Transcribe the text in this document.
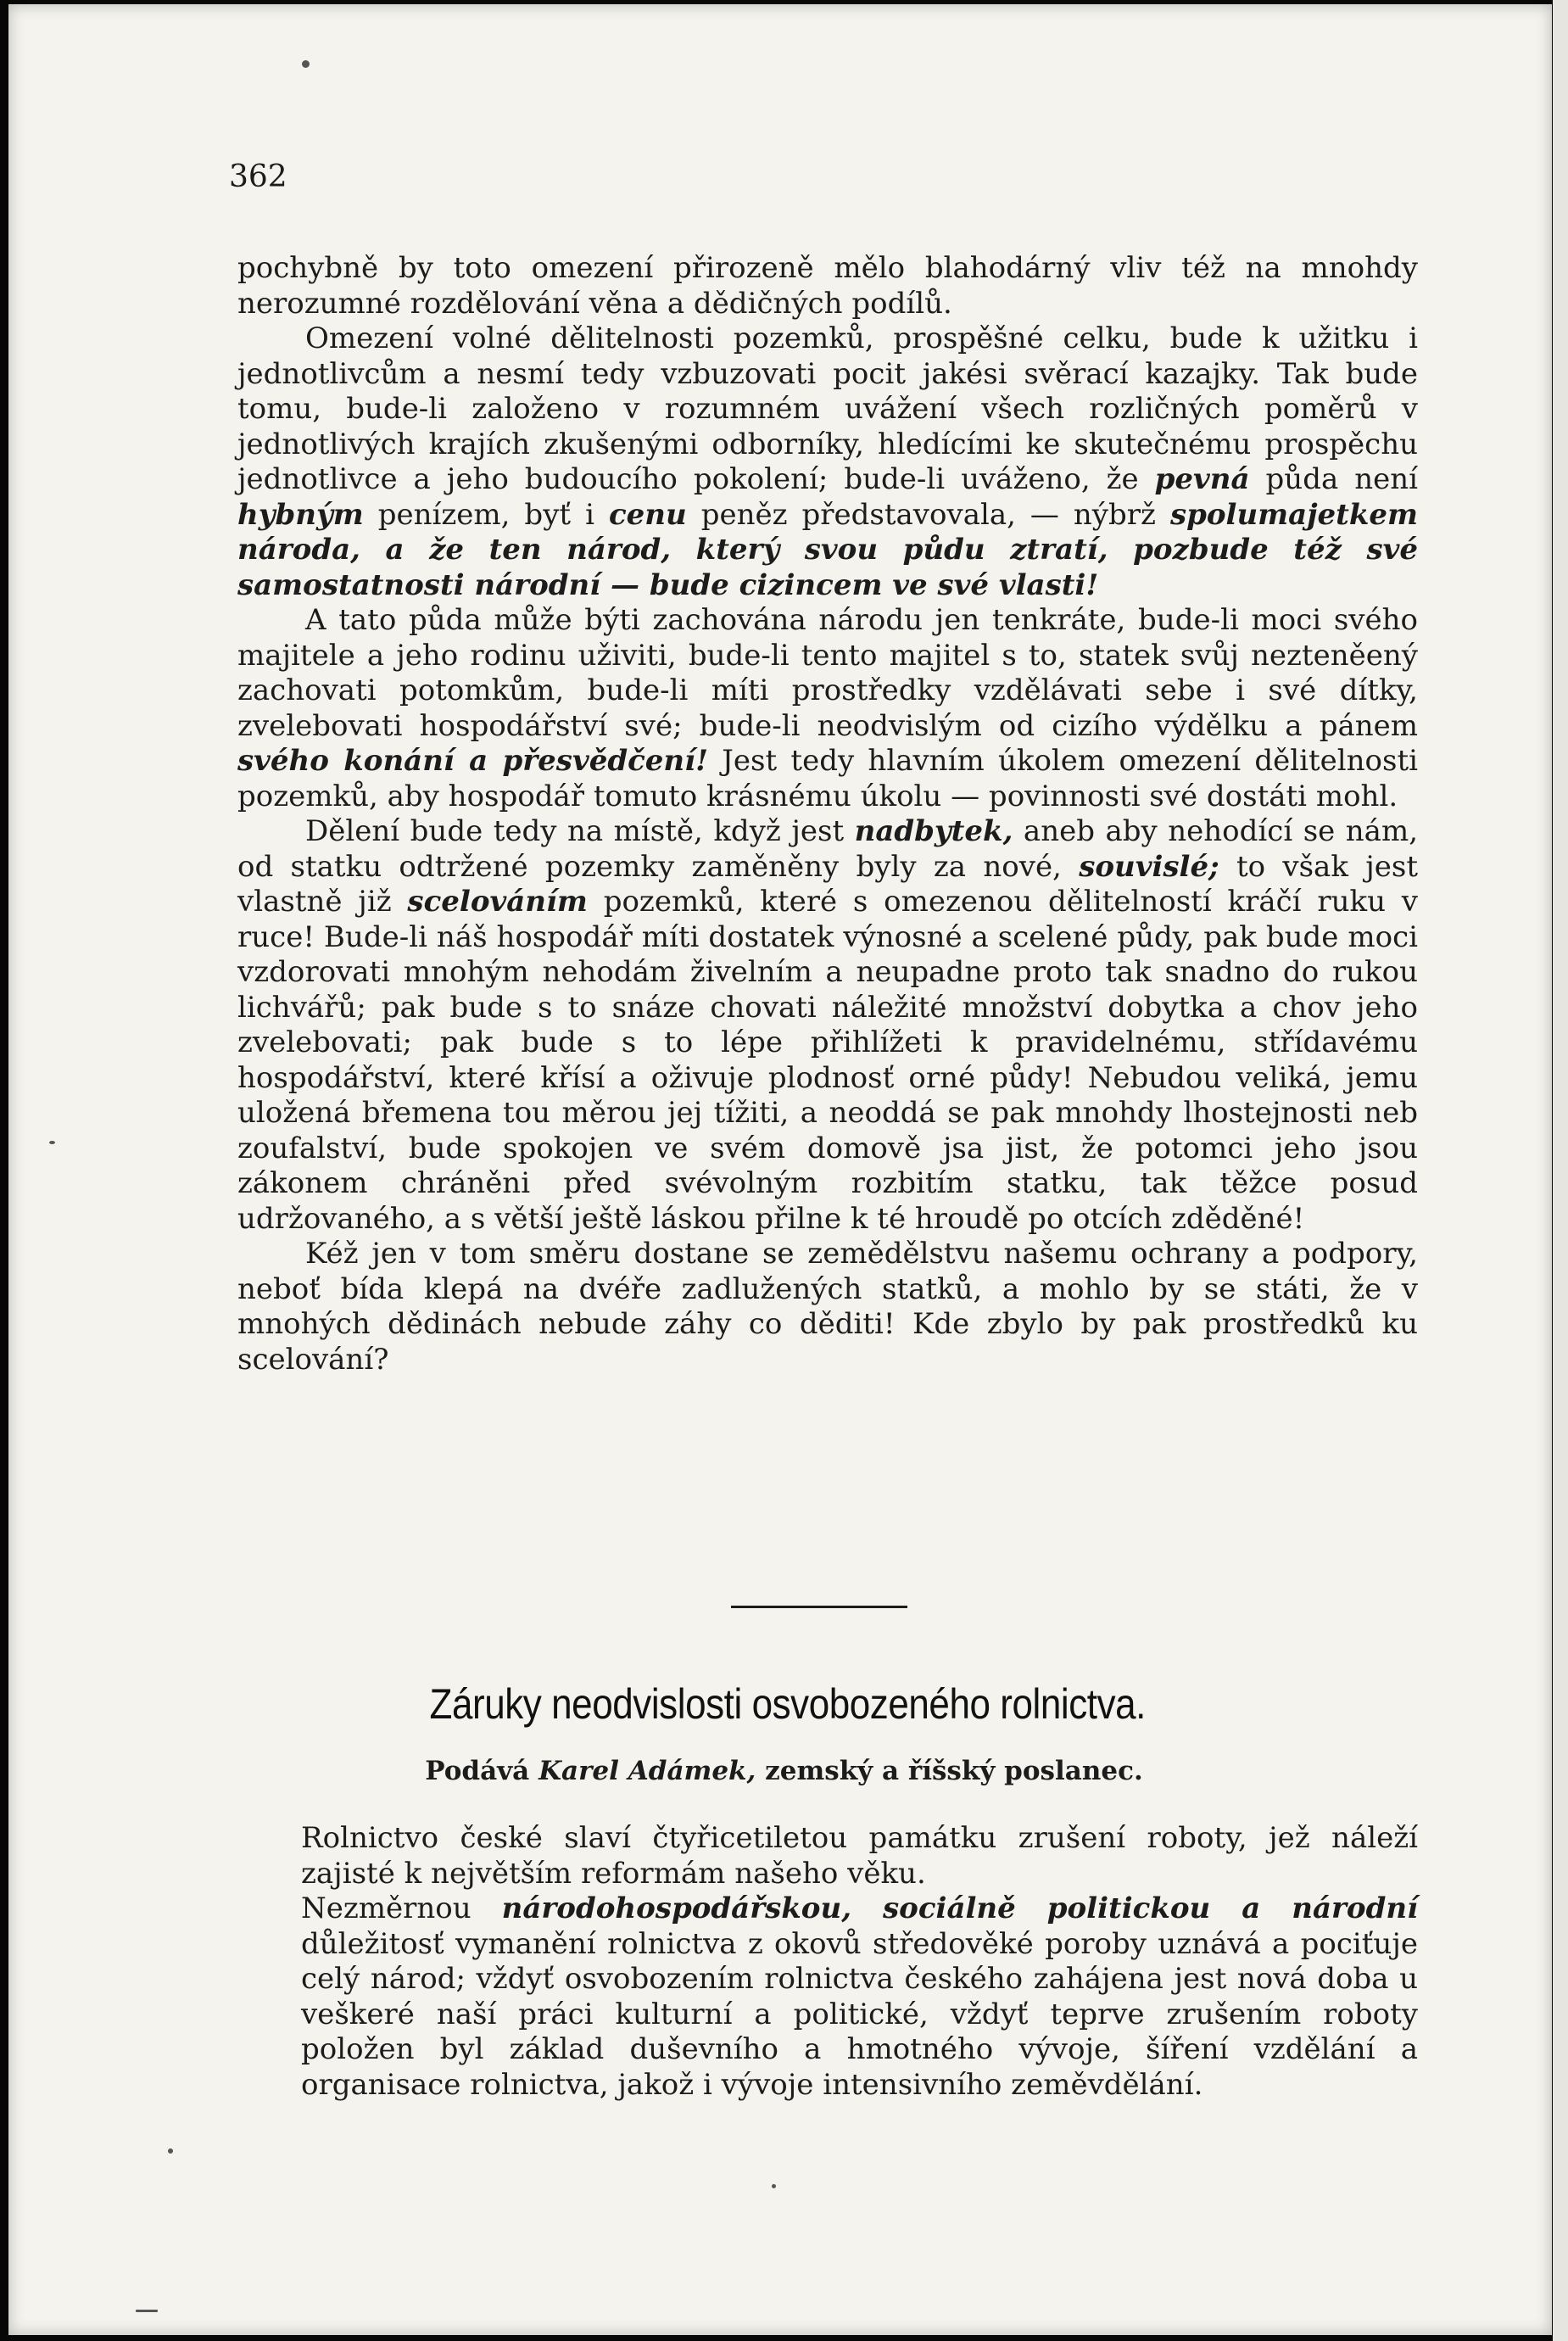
362

pochybně by toto omezení přirozeně mělo blahodárný vliv též na mnohdy nerozumné rozdělování věna a dědičných podílů.

Omezení volné dělitelnosti pozemků, prospěšné celku, bude k užitku i jednotlivcům a nesmí tedy vzbuzovati pocit jakési svěrací kazajky. Tak bude tomu, bude-li založeno v rozumném uvážení všech rozličných poměrů v jednotlivých krajích zkušenými odborníky, hledícími ke skutečnému prospěchu jednotlivce a jeho budoucího pokolení; bude-li uváženo, že pevná půda není hybným penízem, byť i cenu peněz představovala, — nýbrž spolumajetkem národa, a že ten národ, který svou půdu ztratí, pozbude též své samostatnosti národní — bude cizincem ve své vlasti!

A tato půda může býti zachována národu jen tenkráte, bude-li moci svého majitele a jeho rodinu uživiti, bude-li tento majitel s to, statek svůj nezteněený zachovati potomkům, bude-li míti prostředky vzdělávati sebe i své dítky, zvelebovati hospodářství své; bude-li neodvislým od cizího výdělku a pánem svého konání a přesvědčení! Jest tedy hlavním úkolem omezení dělitelnosti pozemků, aby hospodář tomuto krásnému úkolu — povinnosti své dostáti mohl.

Dělení bude tedy na místě, když jest nadbytek, aneb aby nehodící se nám, od statku odtržené pozemky zaměněny byly za nové, souvislé; to však jest vlastně již scelováním pozemků, které s omezenou dělitelností kráčí ruku v ruce! Bude-li náš hospodář míti dostatek výnosné a scelené půdy, pak bude moci vzdorovati mnohým nehodám živelním a neupadne proto tak snadno do rukou lichvářů; pak bude s to snáze chovati náležité množství dobytka a chov jeho zvelebovati; pak bude s to lépe přihlížeti k pravidelnému, střídavému hospodářství, které křísí a oživuje plodnosť orné půdy! Nebudou veliká, jemu uložená břemena tou měrou jej tížiti, a neoddá se pak mnohdy lhostejnosti neb zoufalství, bude spokojen ve svém domově jsa jist, že potomci jeho jsou zákonem chráněni před svévolným rozbitím statku, tak těžce posud udržovaného, a s větší ještě láskou přilne k té hroudě po otcích zděděné!

Kéž jen v tom směru dostane se zemědělstvu našemu ochrany a podpory, neboť bída klepá na dvéře zadlužených statků, a mohlo by se státi, že v mnohých dědinách nebude záhy co děditi! Kde zbylo by pak prostředků ku scelování?

Záruky neodvislosti osvobozeného rolnictva.
Podává Karel Adámek, zemský a říšský poslanec.

Rolnictvo české slaví čtyřicetiletou památku zrušení roboty, jež náleží zajisté k největším reformám našeho věku.

Nezměrnou národohospodářskou, sociálně politickou a národní důležitosť vymanění rolnictva z okovů středověké poroby uznává a pociťuje celý národ; vždyť osvobozením rolnictva českého zahájena jest nová doba u veškeré naší práci kulturní a politické, vždyť teprve zrušením roboty položen byl základ duševního a hmotného vývoje, šíření vzdělání a organisace rolnictva, jakož i vývoje intensivního zeměvdělání.
